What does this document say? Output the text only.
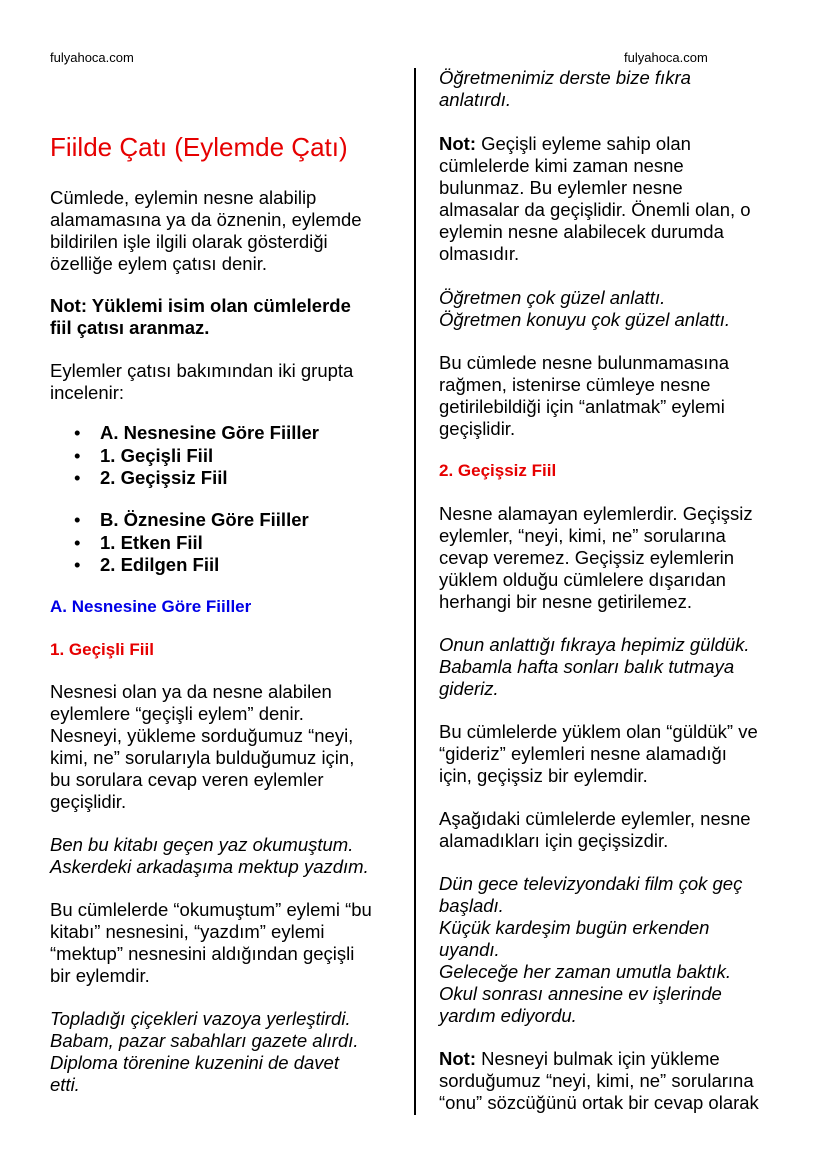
fulyahoca.com	fulyahoca.com
Fiilde Çatı (Eylemde Çatı)
Cümlede, eylemin nesne alabilip
alamamasına ya da öznenin, eylemde
bildirilen işle ilgili olarak gösterdiği
özelliğe eylem çatısı denir.
Not: Yüklemi isim olan cümlelerde
fiil çatısı aranmaz.
Eylemler çatısı bakımından iki grupta
incelenir:
• A. Nesnesine Göre Fiiller
• 1. Geçişli Fiil
• 2. Geçişsiz Fiil
• B. Öznesine Göre Fiiller
• 1. Etken Fiil
• 2. Edilgen Fiil
A. Nesnesine Göre Fiiller
1. Geçişli Fiil
Nesnesi olan ya da nesne alabilen
eylemlere “geçişli eylem” denir.
Nesneyi, yükleme sorduğumuz “neyi,
kimi, ne” sorularıyla bulduğumuz için,
bu sorulara cevap veren eylemler
geçişlidir.
Ben bu kitabı geçen yaz okumuştum.
Askerdeki arkadaşıma mektup yazdım.
Bu cümlelerde “okumuştum” eylemi “bu
kitabı” nesnesini, “yazdım” eylemi
“mektup” nesnesini aldığından geçişli
bir eylemdir.
Topladığı çiçekleri vazoya yerleştirdi.
Babam, pazar sabahları gazete alırdı.
Diploma törenine kuzenini de davet
etti.
Öğretmenimiz derste bize fıkra
anlatırdı.
Not: Geçişli eyleme sahip olan
cümlelerde kimi zaman nesne
bulunmaz. Bu eylemler nesne
almasalar da geçişlidir. Önemli olan, o
eylemin nesne alabilecek durumda
olmasıdır.
Öğretmen çok güzel anlattı.
Öğretmen konuyu çok güzel anlattı.
Bu cümlede nesne bulunmamasına
rağmen, istenirse cümleye nesne
getirilebildiği için “anlatmak” eylemi
geçişlidir.
2. Geçişsiz Fiil
Nesne alamayan eylemlerdir. Geçişsiz
eylemler, “neyi, kimi, ne” sorularına
cevap veremez. Geçişsiz eylemlerin
yüklem olduğu cümlelere dışarıdan
herhangi bir nesne getirilemez.
Onun anlattığı fıkraya hepimiz güldük.
Babamla hafta sonları balık tutmaya
gideriz.
Bu cümlelerde yüklem olan “güldük” ve
“gideriz” eylemleri nesne alamadığı
için, geçişsiz bir eylemdir.
Aşağıdaki cümlelerde eylemler, nesne
alamadıkları için geçişsizdir.
Dün gece televizyondaki film çok geç
başladı.
Küçük kardeşim bugün erkenden
uyandı.
Geleceğe her zaman umutla baktık.
Okul sonrası annesine ev işlerinde
yardım ediyordu.
Not: Nesneyi bulmak için yükleme
sorduğumuz “neyi, kimi, ne” sorularına
“onu” sözcüğünü ortak bir cevap olarak
